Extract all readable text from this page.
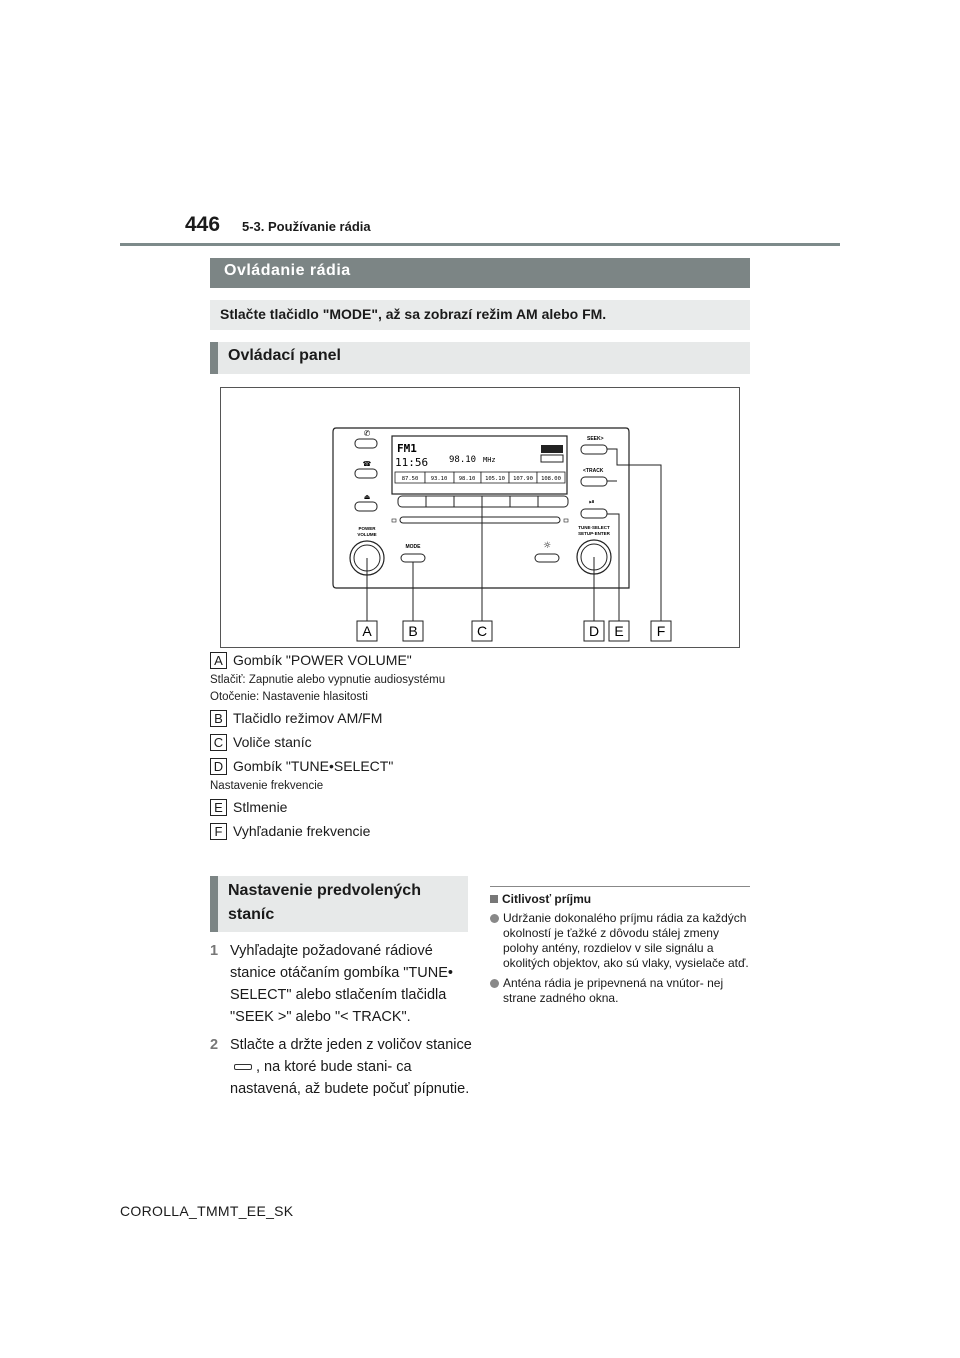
446 5-3. Používanie rádia
Ovládanie rádia
Stlačte tlačidlo "MODE", až sa zobrazí režim AM alebo FM.
Ovládací panel
✆
☎
⏏
POWER
VOLUME
FM1
11:56 98.10 MHz
87.50 93.10 98.10 105.10 107.90 108.00
MODE	☼
SEEK>
<TRACK
⏯
TUNE·SELECT
SETUP·ENTER
A	B	C	D E F
A Gombík "POWER VOLUME"
Stlačiť: Zapnutie alebo vypnutie audiosystému
Otočenie: Nastavenie hlasitosti
B Tlačidlo režimov AM/FM
C Voliče staníc
D Gombík "TUNE•SELECT"
Nastavenie frekvencie
E Stlmenie
F Vyhľadanie frekvencie
Nastavenie predvolených
staníc
1 Vyhľadajte požadované rádiové stanice otáčaním gombíka "TUNE• SELECT" alebo stlačením tlačidla "SEEK >" alebo "< TRACK".
2 Stlačte a držte jeden z voličov stanice, na ktoré bude stani- ca nastavená, až budete počuť pípnutie.
Citlivosť príjmu
Udržanie dokonalého príjmu rádia za každých okolností je ťažké z dôvodu stálej zmeny polohy antény, rozdielov v sile signálu a okolitých objektov, ako sú vlaky, vysielače atď.
Anténa rádia je pripevnená na vnútor- nej strane zadného okna.
COROLLA_TMMT_EE_SK
